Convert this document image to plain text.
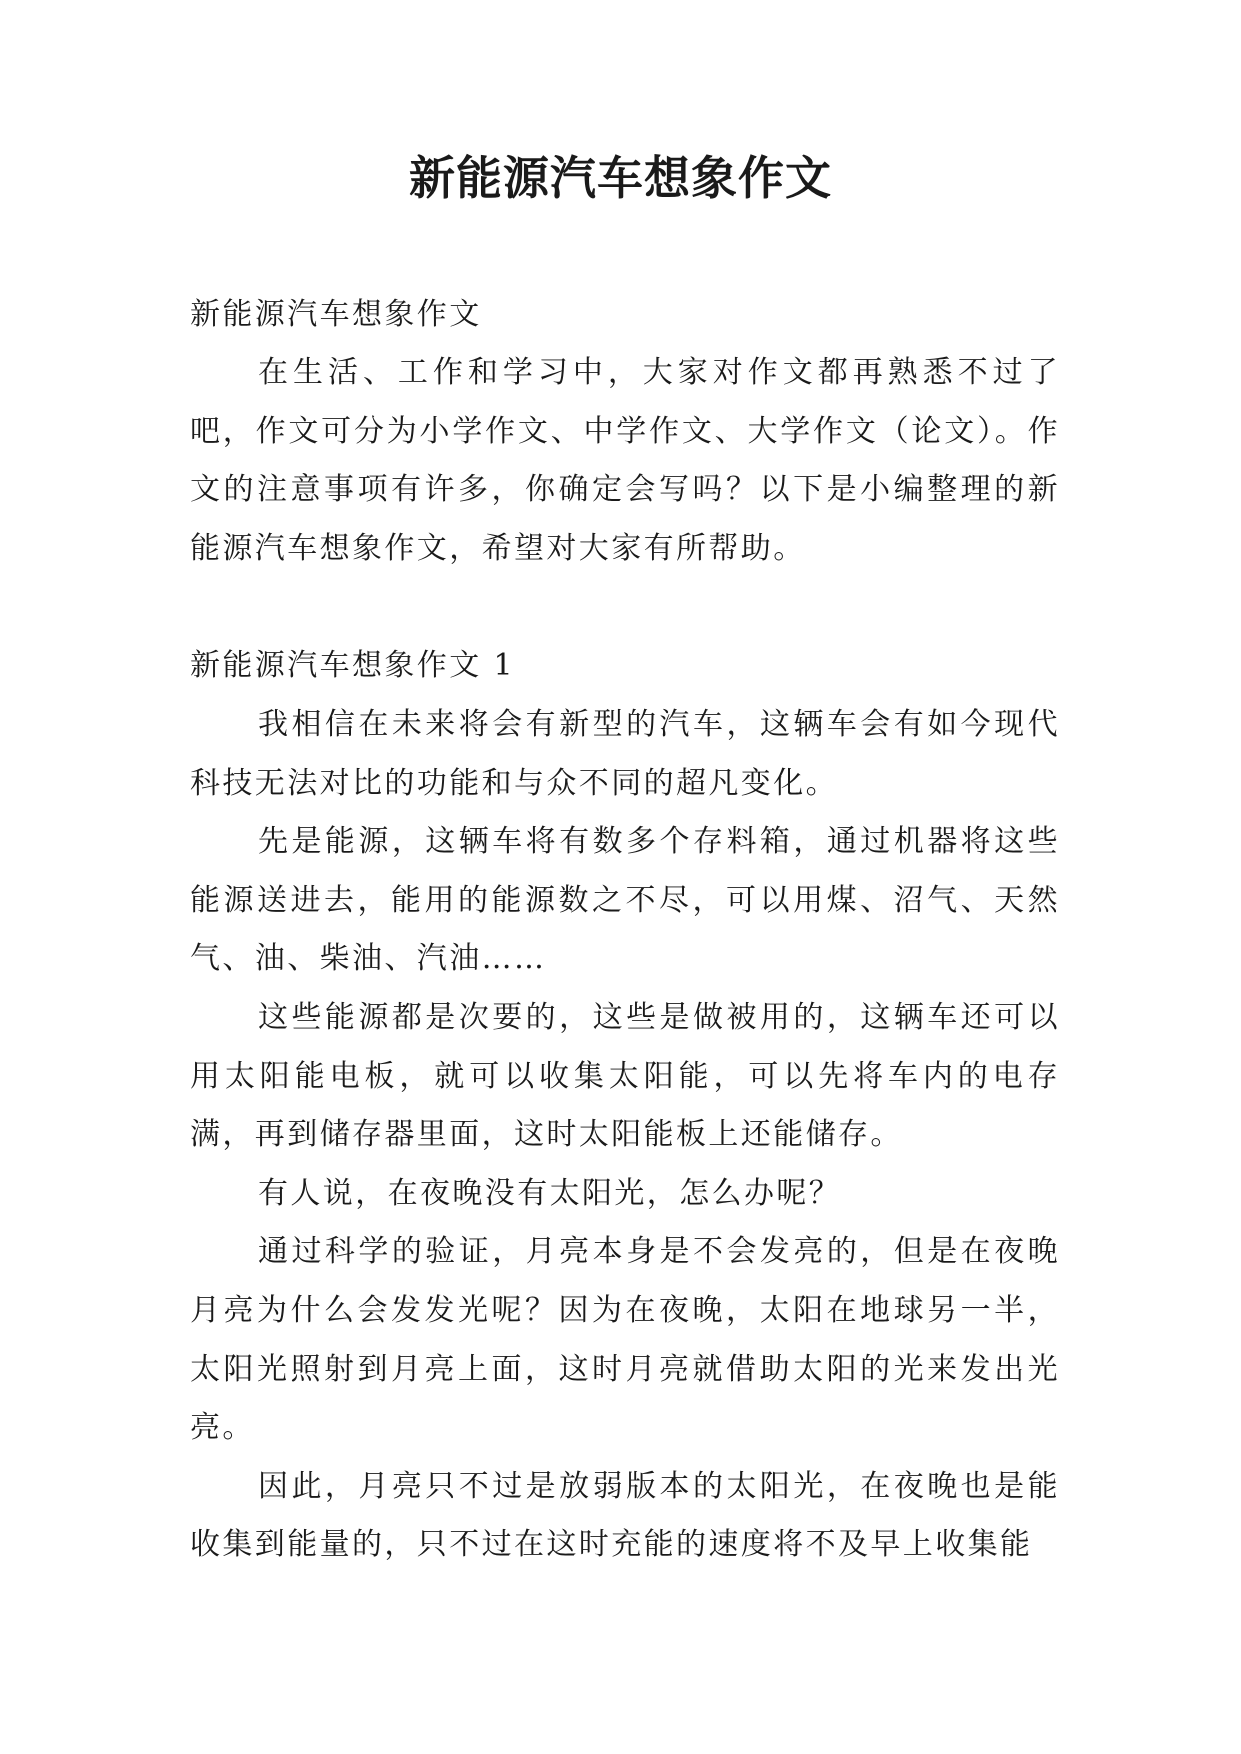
新能源汽车想象作文

新能源汽车想象作文

在生活、工作和学习中，大家对作文都再熟悉不过了吧，作文可分为小学作文、中学作文、大学作文（论文）。作文的注意事项有许多，你确定会写吗？以下是小编整理的新能源汽车想象作文，希望对大家有所帮助。

新能源汽车想象作文 1

我相信在未来将会有新型的汽车，这辆车会有如今现代科技无法对比的功能和与众不同的超凡变化。

先是能源，这辆车将有数多个存料箱，通过机器将这些能源送进去，能用的能源数之不尽，可以用煤、沼气、天然气、油、柴油、汽油……

这些能源都是次要的，这些是做被用的，这辆车还可以用太阳能电板，就可以收集太阳能，可以先将车内的电存满，再到储存器里面，这时太阳能板上还能储存。

有人说，在夜晚没有太阳光，怎么办呢？

通过科学的验证，月亮本身是不会发亮的，但是在夜晚月亮为什么会发发光呢？因为在夜晚，太阳在地球另一半，太阳光照射到月亮上面，这时月亮就借助太阳的光来发出光亮。

因此，月亮只不过是放弱版本的太阳光，在夜晚也是能收集到能量的，只不过在这时充能的速度将不及早上收集能
